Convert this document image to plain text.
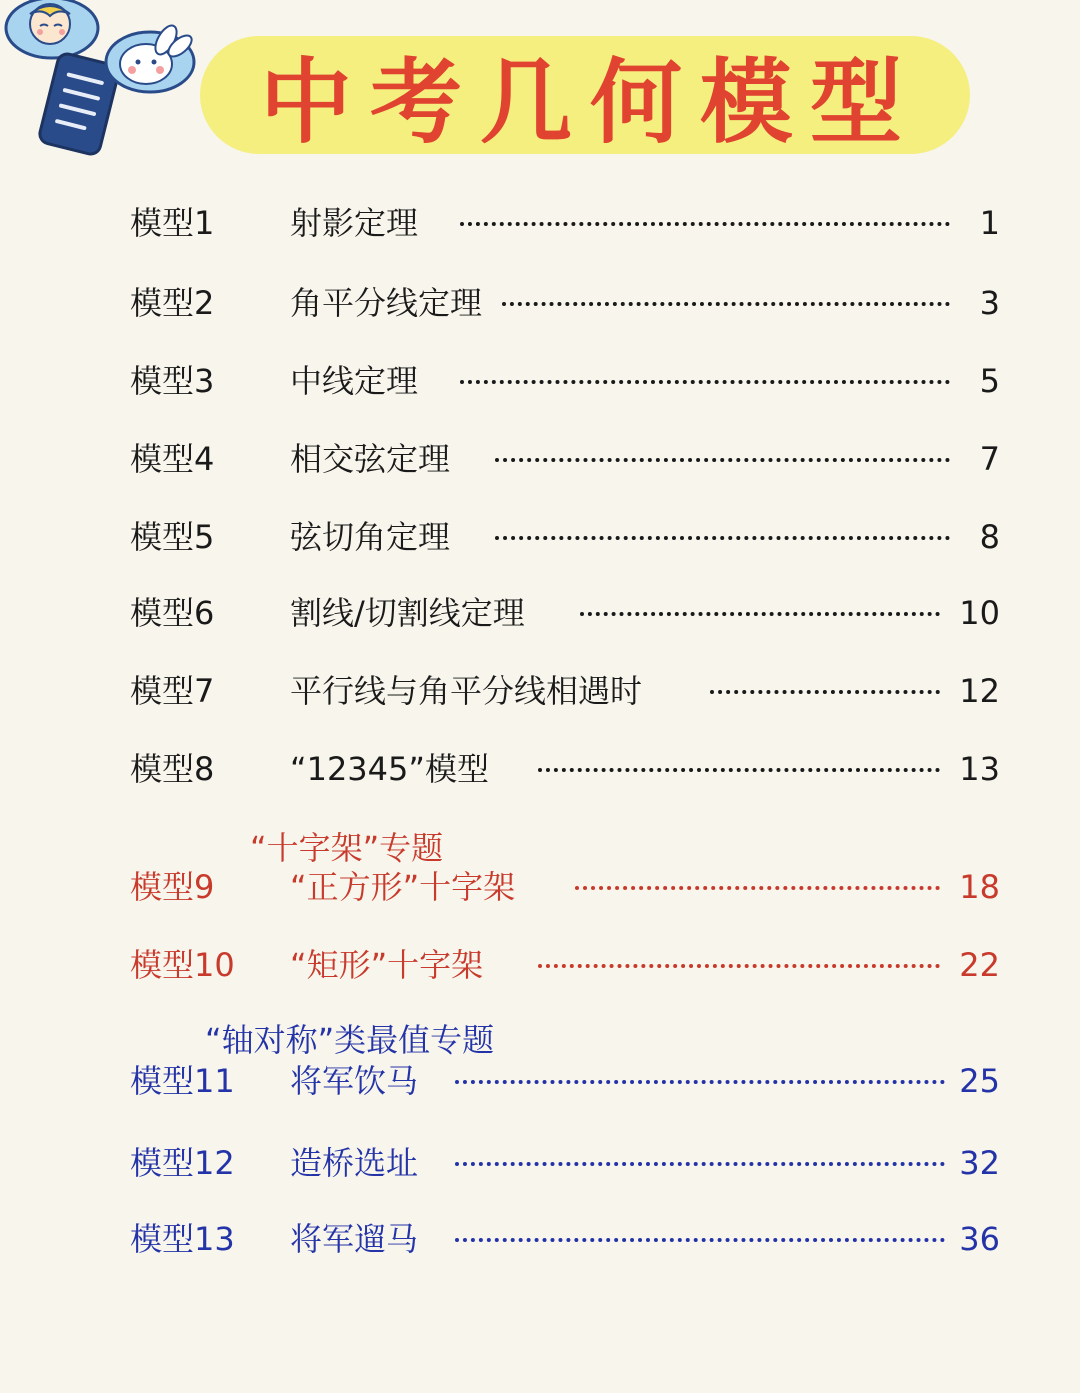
中考几何模型
模型1 射影定理	1
模型2 角平分线定理	3
模型3 中线定理	5
模型4 相交弦定理	7
模型5 弦切角定理	8
模型6 割线/切割线定理	10
模型7 平行线与角平分线相遇时	12
模型8 “12345”模型	13
“十字架”专题
模型9 “正方形”十字架	18
模型10 “矩形”十字架	22
“轴对称”类最值专题
模型11 将军饮马	25
模型12 造桥选址	32
模型13 将军遛马	36
